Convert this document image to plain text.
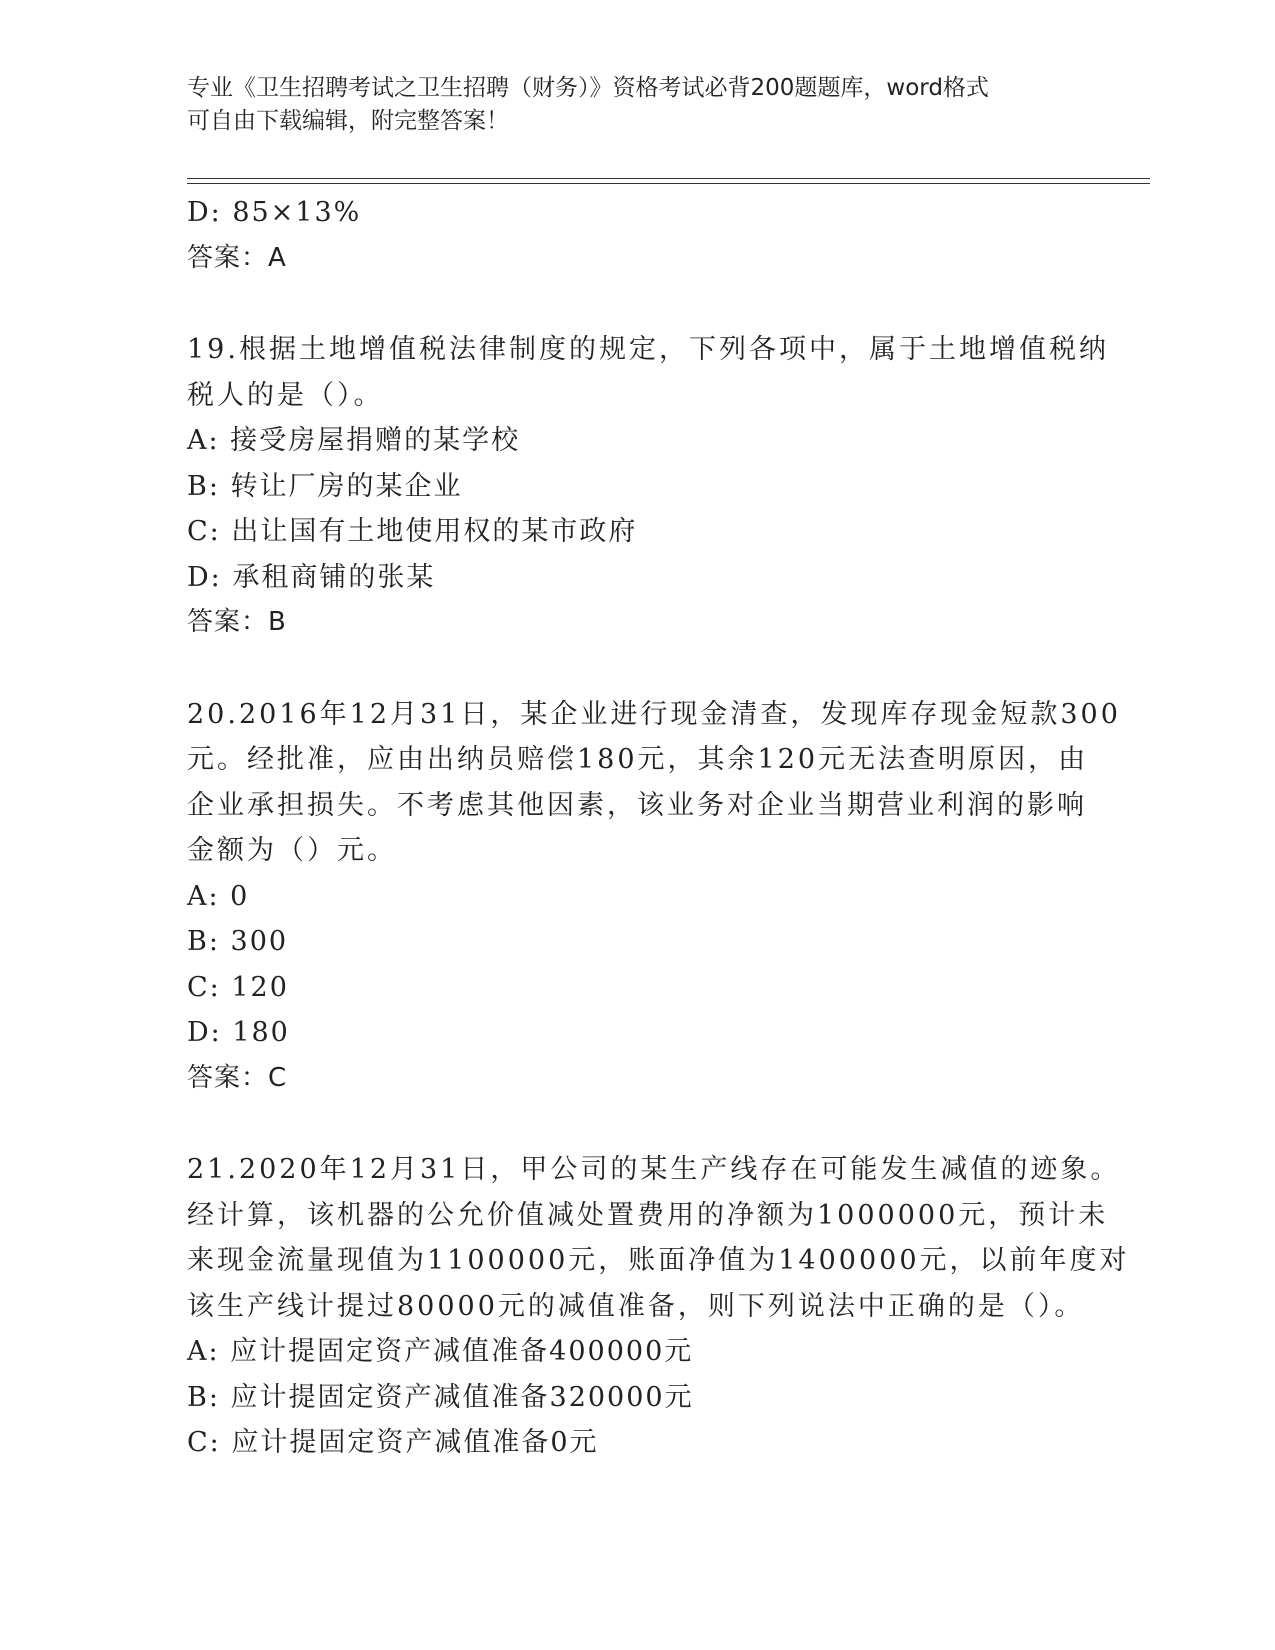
专业《卫生招聘考试之卫生招聘（财务）》资格考试必背200题题库，word格式
可自由下载编辑，附完整答案！
D: 85×13%
答案：A
19.根据土地增值税法律制度的规定，下列各项中，属于土地增值税纳
税人的是（）。
A: 接受房屋捐赠的某学校
B: 转让厂房的某企业
C: 出让国有土地使用权的某市政府
D: 承租商铺的张某
答案：B
20.2016年12月31日，某企业进行现金清查，发现库存现金短款300
元。经批准，应由出纳员赔偿180元，其余120元无法查明原因，由
企业承担损失。不考虑其他因素，该业务对企业当期营业利润的影响
金额为（）元。
A: 0
B: 300
C: 120
D: 180
答案：C
21.2020年12月31日，甲公司的某生产线存在可能发生减值的迹象。
经计算，该机器的公允价值减处置费用的净额为1000000元，预计未
来现金流量现值为1100000元，账面净值为1400000元，以前年度对
该生产线计提过80000元的减值准备，则下列说法中正确的是（）。
A: 应计提固定资产减值准备400000元
B: 应计提固定资产减值准备320000元
C: 应计提固定资产减值准备0元
